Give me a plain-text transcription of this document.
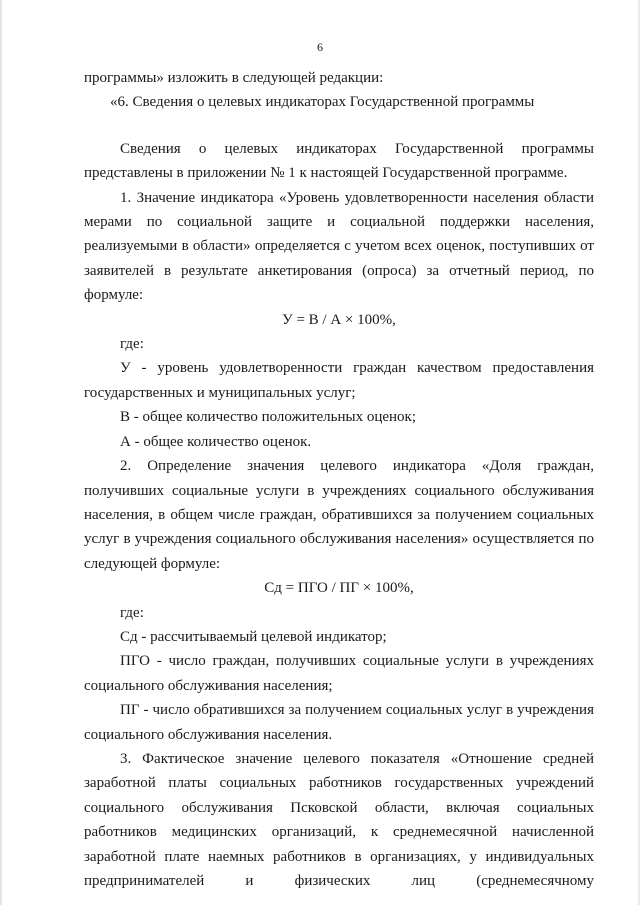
6

программы» изложить в следующей редакции:

«6. Сведения о целевых индикаторах Государственной программы

Сведения о целевых индикаторах Государственной программы представлены в приложении № 1 к настоящей Государственной программе.

1. Значение индикатора «Уровень удовлетворенности населения области мерами по социальной защите и социальной поддержки населения, реализуемыми в области» определяется с учетом всех оценок, поступивших от заявителей в результате анкетирования (опроса) за отчетный период, по формуле:

У = В / А × 100%,

где:

У - уровень удовлетворенности граждан качеством предоставления государственных и муниципальных услуг;

В - общее количество положительных оценок;

А - общее количество оценок.

2. Определение значения целевого индикатора «Доля граждан, получивших социальные услуги в учреждениях социального обслуживания населения, в общем числе граждан, обратившихся за получением социальных услуг в учреждения социального обслуживания населения» осуществляется по следующей формуле:

Сд = ПГО / ПГ × 100%,

где:

Сд - рассчитываемый целевой индикатор;

ПГО - число граждан, получивших социальные услуги в учреждениях социального обслуживания населения;

ПГ - число обратившихся за получением социальных услуг в учреждения социального обслуживания населения.

3. Фактическое значение целевого показателя «Отношение средней заработной платы социальных работников государственных учреждений социального обслуживания Псковской области, включая социальных работников медицинских организаций, к среднемесячной начисленной заработной плате наемных работников в организациях, у индивидуальных предпринимателей и физических лиц (среднемесячному
